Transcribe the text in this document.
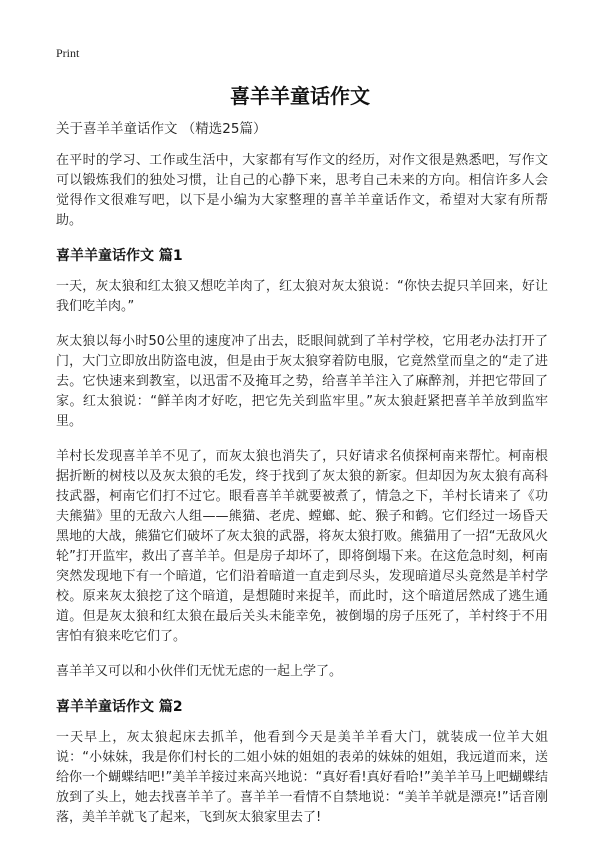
Print
喜羊羊童话作文
关于喜羊羊童话作文 （精选25篇）

在平时的学习、工作或生活中，大家都有写作文的经历，对作文很是熟悉吧，写作文可以锻炼我们的独处习惯，让自己的心静下来，思考自己未来的方向。相信许多人会觉得作文很难写吧，以下是小编为大家整理的喜羊羊童话作文，希望对大家有所帮助。

喜羊羊童话作文 篇1

一天，灰太狼和红太狼又想吃羊肉了，红太狼对灰太狼说：“你快去捉只羊回来，好让我们吃羊肉。”

灰太狼以每小时50公里的速度冲了出去，眨眼间就到了羊村学校，它用老办法打开了门，大门立即放出防盗电波，但是由于灰太狼穿着防电服，它竟然堂而皇之的“走了进去。它快速来到教室，以迅雷不及掩耳之势，给喜羊羊注入了麻醉剂，并把它带回了家。红太狼说：“鲜羊肉才好吃，把它先关到监牢里。”灰太狼赶紧把喜羊羊放到监牢里。

羊村长发现喜羊羊不见了，而灰太狼也消失了，只好请求名侦探柯南来帮忙。柯南根据折断的树枝以及灰太狼的毛发，终于找到了灰太狼的新家。但却因为灰太狼有高科技武器，柯南它们打不过它。眼看喜羊羊就要被煮了，情急之下，羊村长请来了《功夫熊猫》里的无敌六人组——熊猫、老虎、螳螂、蛇、猴子和鹤。它们经过一场昏天黑地的大战，熊猫它们破坏了灰太狼的武器，将灰太狼打败。熊猫用了一招“无敌风火轮”打开监牢，救出了喜羊羊。但是房子却坏了，即将倒塌下来。在这危急时刻，柯南突然发现地下有一个暗道，它们沿着暗道一直走到尽头，发现暗道尽头竟然是羊村学校。原来灰太狼挖了这个暗道，是想随时来捉羊，而此时，这个暗道居然成了逃生通道。但是灰太狼和红太狼在最后关头未能幸免，被倒塌的房子压死了，羊村终于不用害怕有狼来吃它们了。

喜羊羊又可以和小伙伴们无忧无虑的一起上学了。

喜羊羊童话作文 篇2

一天早上，灰太狼起床去抓羊，他看到今天是美羊羊看大门，就装成一位羊大姐说：“小妹妹，我是你们村长的二姐小妹的姐姐的表弟的妹妹的姐姐，我远道而来，送给你一个蝴蝶结吧!”美羊羊接过来高兴地说：“真好看!真好看哈!”美羊羊马上吧蝴蝶结放到了头上，她去找喜羊羊了。喜羊羊一看情不自禁地说：“美羊羊就是漂亮!”话音刚落，美羊羊就飞了起来，飞到灰太狼家里去了!
